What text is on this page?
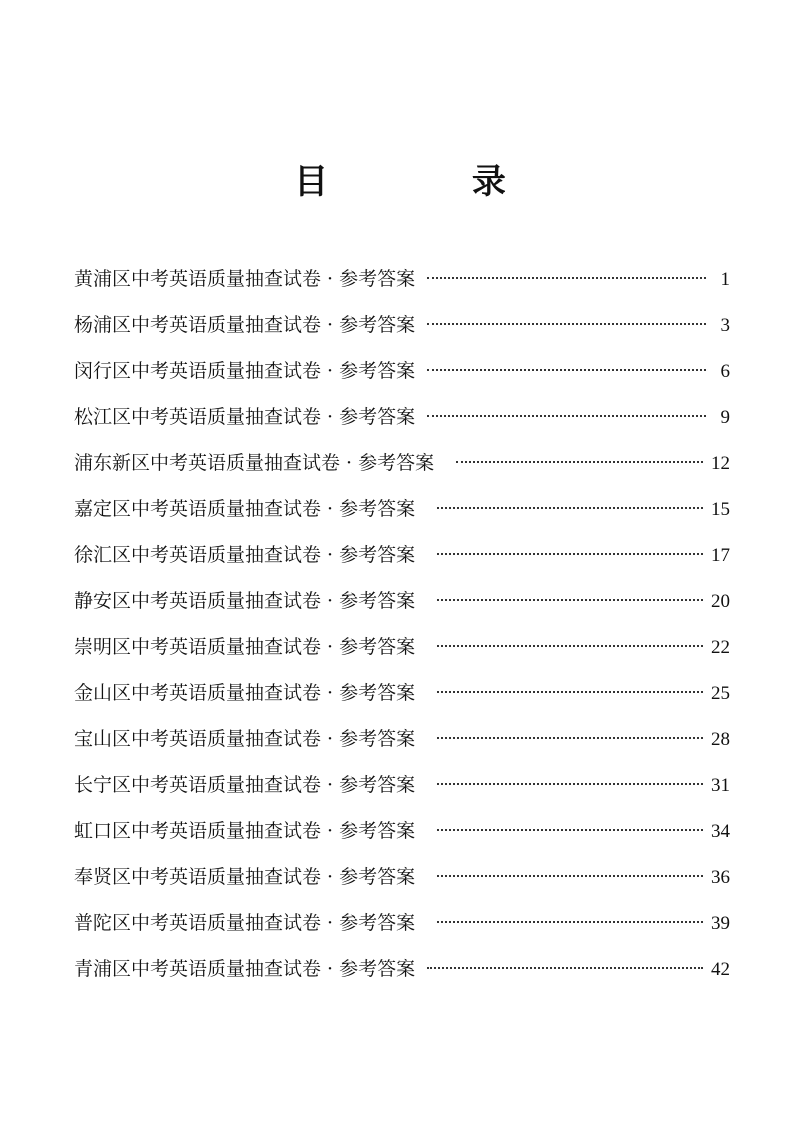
目 录
黄浦区中考英语质量抽查试卷 · 参考答案	1
杨浦区中考英语质量抽查试卷 · 参考答案	3
闵行区中考英语质量抽查试卷 · 参考答案	6
松江区中考英语质量抽查试卷 · 参考答案	9
浦东新区中考英语质量抽查试卷 · 参考答案	12
嘉定区中考英语质量抽查试卷 · 参考答案	15
徐汇区中考英语质量抽查试卷 · 参考答案	17
静安区中考英语质量抽查试卷 · 参考答案	20
崇明区中考英语质量抽查试卷 · 参考答案	22
金山区中考英语质量抽查试卷 · 参考答案	25
宝山区中考英语质量抽查试卷 · 参考答案	28
长宁区中考英语质量抽查试卷 · 参考答案	31
虹口区中考英语质量抽查试卷 · 参考答案	34
奉贤区中考英语质量抽查试卷 · 参考答案	36
普陀区中考英语质量抽查试卷 · 参考答案	39
青浦区中考英语质量抽查试卷 · 参考答案	42
